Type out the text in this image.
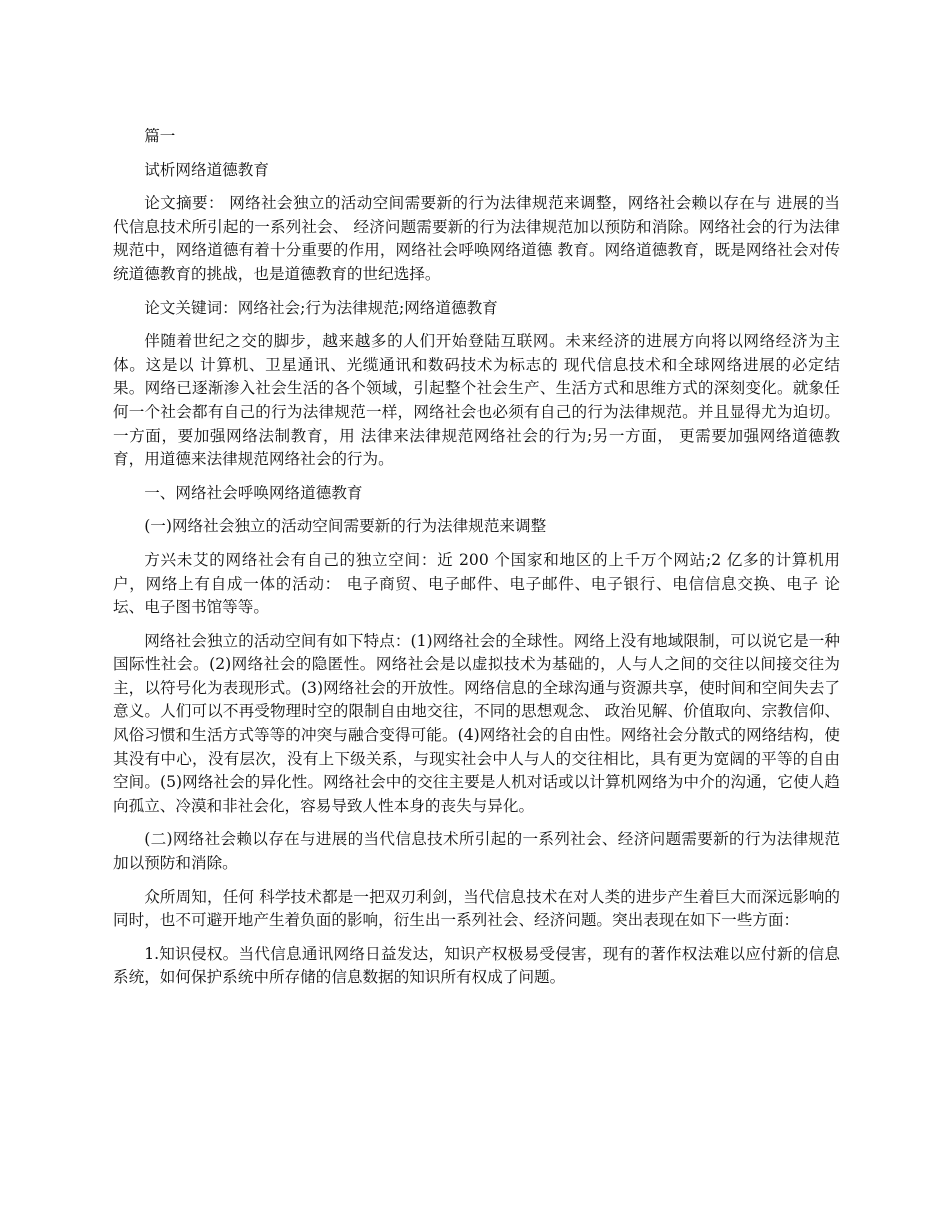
篇一

试析网络道德教育

论文摘要： 网络社会独立的活动空间需要新的行为法律规范来调整，网络社会赖以存在与 进展的当代信息技术所引起的一系列社会、 经济问题需要新的行为法律规范加以预防和消除。网络社会的行为法律规范中，网络道德有着十分重要的作用，网络社会呼唤网络道德 教育。网络道德教育，既是网络社会对传统道德教育的挑战，也是道德教育的世纪选择。

论文关键词：网络社会;行为法律规范;网络道德教育

伴随着世纪之交的脚步，越来越多的人们开始登陆互联网。未来经济的进展方向将以网络经济为主体。这是以 计算机、卫星通讯、光缆通讯和数码技术为标志的 现代信息技术和全球网络进展的必定结果。网络已逐渐渗入社会生活的各个领域，引起整个社会生产、生活方式和思维方式的深刻变化。就象任何一个社会都有自己的行为法律规范一样，网络社会也必须有自己的行为法律规范。并且显得尤为迫切。一方面，要加强网络法制教育，用 法律来法律规范网络社会的行为;另一方面， 更需要加强网络道德教育，用道德来法律规范网络社会的行为。

一、网络社会呼唤网络道德教育

(一)网络社会独立的活动空间需要新的行为法律规范来调整

方兴未艾的网络社会有自己的独立空间：近 200 个国家和地区的上千万个网站;2 亿多的计算机用户，网络上有自成一体的活动： 电子商贸、电子邮件、电子邮件、电子银行、电信信息交换、电子 论坛、电子图书馆等等。

网络社会独立的活动空间有如下特点：(1)网络社会的全球性。网络上没有地域限制，可以说它是一种国际性社会。(2)网络社会的隐匿性。网络社会是以虚拟技术为基础的，人与人之间的交往以间接交往为主，以符号化为表现形式。(3)网络社会的开放性。网络信息的全球沟通与资源共享，使时间和空间失去了意义。人们可以不再受物理时空的限制自由地交往，不同的思想观念、 政治见解、价值取向、宗教信仰、风俗习惯和生活方式等等的冲突与融合变得可能。(4)网络社会的自由性。网络社会分散式的网络结构，使其没有中心，没有层次，没有上下级关系，与现实社会中人与人的交往相比，具有更为宽阔的平等的自由空间。(5)网络社会的异化性。网络社会中的交往主要是人机对话或以计算机网络为中介的沟通，它使人趋向孤立、冷漠和非社会化，容易导致人性本身的丧失与异化。

(二)网络社会赖以存在与进展的当代信息技术所引起的一系列社会、经济问题需要新的行为法律规范加以预防和消除。

众所周知，任何 科学技术都是一把双刃利剑，当代信息技术在对人类的进步产生着巨大而深远影响的同时，也不可避开地产生着负面的影响，衍生出一系列社会、经济问题。突出表现在如下一些方面：

1.知识侵权。当代信息通讯网络日益发达，知识产权极易受侵害，现有的著作权法难以应付新的信息系统，如何保护系统中所存储的信息数据的知识所有权成了问题。
